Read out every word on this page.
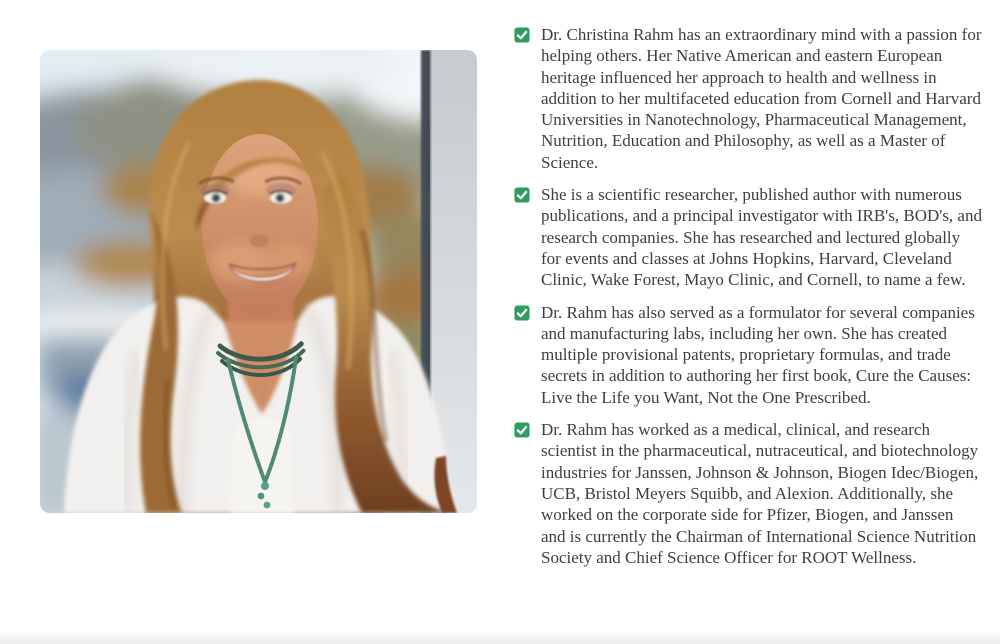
Dr. Christina Rahm has an extraordinary mind with a passion for helping others. Her Native American and eastern European heritage influenced her approach to health and wellness in addition to her multifaceted education from Cornell and Harvard Universities in Nanotechnology, Pharmaceutical Management, Nutrition, Education and Philosophy, as well as a Master of Science.

She is a scientific researcher, published author with numerous publications, and a principal investigator with IRB's, BOD's, and research companies. She has researched and lectured globally for events and classes at Johns Hopkins, Harvard, Cleveland Clinic, Wake Forest, Mayo Clinic, and Cornell, to name a few.

Dr. Rahm has also served as a formulator for several companies and manufacturing labs, including her own. She has created multiple provisional patents, proprietary formulas, and trade secrets in addition to authoring her first book, Cure the Causes: Live the Life you Want, Not the One Prescribed.

Dr. Rahm has worked as a medical, clinical, and research scientist in the pharmaceutical, nutraceutical, and biotechnology industries for Janssen, Johnson & Johnson, Biogen Idec/Biogen, UCB, Bristol Meyers Squibb, and Alexion. Additionally, she worked on the corporate side for Pfizer, Biogen, and Janssen and is currently the Chairman of International Science Nutrition Society and Chief Science Officer for ROOT Wellness.
